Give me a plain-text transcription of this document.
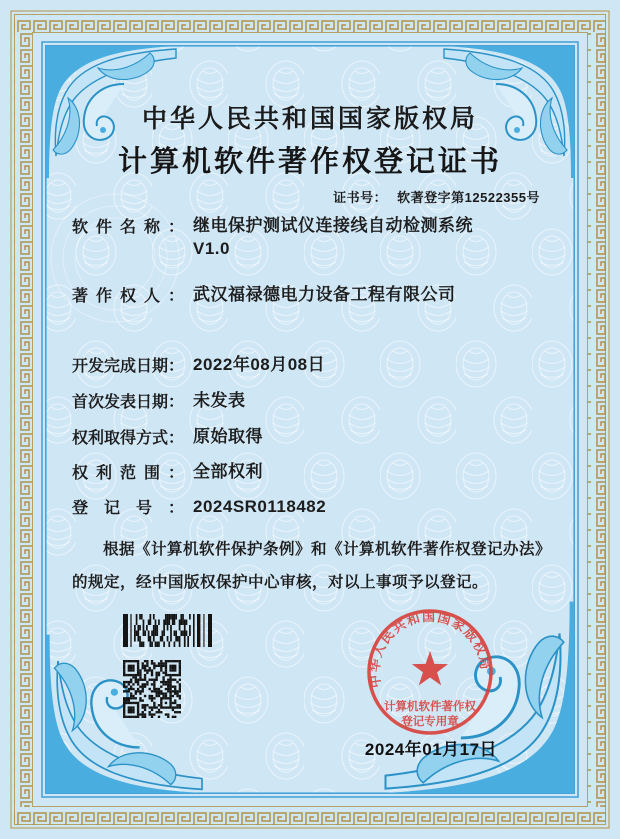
中华人民共和国国家版权局
计算机软件著作权登记证书
证书号： 软著登字第12522355号
软件名称： 继电保护测试仪连接线自动检测系统
V1.0
著作权人： 武汉福禄德电力设备工程有限公司
开发完成日期： 2022年08月08日
首次发表日期： 未发表
权利取得方式： 原始取得
权利范围： 全部权利
登记号： 2024SR0118482
根据《计算机软件保护条例》和《计算机软件著作权登记办法》的规定，经中国版权保护中心审核，对以上事项予以登记。
中华人民共和国国家版权局
计算机软件著作权
登记专用章
2024年01月17日
